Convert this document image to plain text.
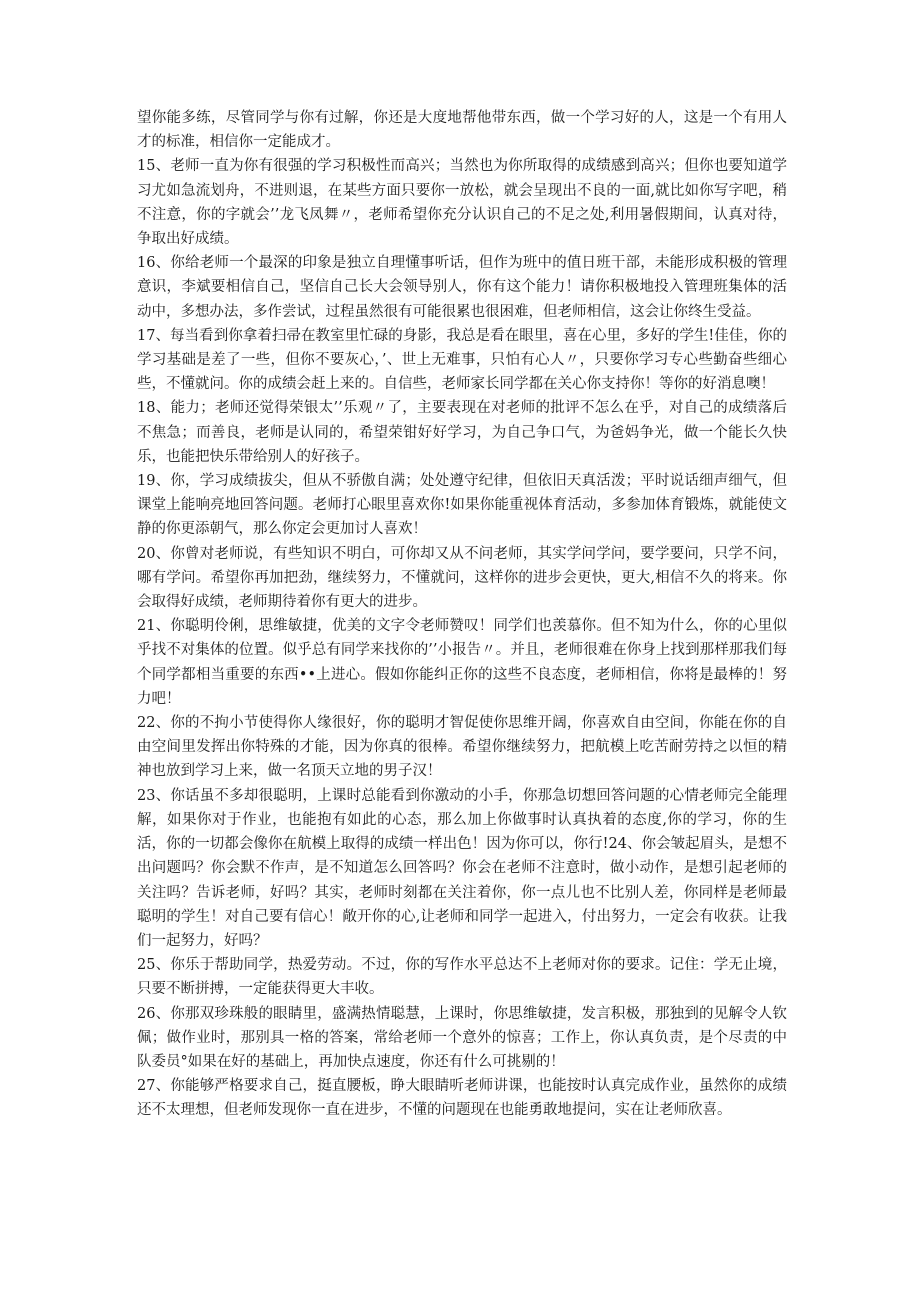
望你能多练，尽管同学与你有过解，你还是大度地帮他带东西，做一个学习好的人，这是一个有用人才的标准，相信你一定能成才。

15、老师一直为你有很强的学习积极性而高兴；当然也为你所取得的成绩感到高兴；但你也要知道学习尤如急流划舟，不进则退，在某些方面只要你一放松，就会呈现出不良的一面,就比如你写字吧，稍不注意，你的字就会’’龙飞凤舞〃，老师希望你充分认识自己的不足之处,利用暑假期间，认真对待，争取出好成绩。

16、你给老师一个最深的印象是独立自理懂事听话，但作为班中的值日班干部，未能形成积极的管理意识，李斌要相信自己，坚信自己长大会领导别人，你有这个能力！请你积极地投入管理班集体的活动中，多想办法，多作尝试，过程虽然很有可能很累也很困难，但老师相信，这会让你终生受益。

17、每当看到你拿着扫帚在教室里忙碌的身影，我总是看在眼里，喜在心里，多好的学生!佳佳，你的学习基础是差了一些，但你不要灰心，’、世上无难事，只怕有心人〃，只要你学习专心些勤奋些细心些，不懂就问。你的成绩会赶上来的。自信些，老师家长同学都在关心你支持你！等你的好消息噢！

18、能力；老师还觉得荣银太’’乐观〃了，主要表现在对老师的批评不怎么在乎，对自己的成绩落后不焦急；而善良，老师是认同的，希望荣钳好好学习，为自己争口气，为爸妈争光，做一个能长久快乐，也能把快乐带给别人的好孩子。

19、你，学习成绩拔尖，但从不骄傲自满；处处遵守纪律，但依旧天真活泼；平时说话细声细气，但课堂上能响亮地回答问题。老师打心眼里喜欢你!如果你能重视体育活动，多参加体育锻炼，就能使文静的你更添朝气，那么你定会更加讨人喜欢！

20、你曾对老师说，有些知识不明白，可你却又从不问老师，其实学问学问，要学要问，只学不问，哪有学问。希望你再加把劲，继续努力，不懂就问，这样你的进步会更快，更大,相信不久的将来。你会取得好成绩，老师期待着你有更大的进步。

21、你聪明伶俐，思维敏捷，优美的文字令老师赞叹！同学们也羡慕你。但不知为什么，你的心里似乎找不对集体的位置。似乎总有同学来找你的’’小报告〃。并且，老师很难在你身上找到那样那我们每个同学都相当重要的东西••上进心。假如你能纠正你的这些不良态度，老师相信，你将是最棒的！努力吧！

22、你的不拘小节使得你人缘很好，你的聪明才智促使你思维开阔，你喜欢自由空间，你能在你的自由空间里发挥出你特殊的才能，因为你真的很棒。希望你继续努力，把航模上吃苦耐劳持之以恒的精神也放到学习上来，做一名顶天立地的男子汉！

23、你话虽不多却很聪明，上课时总能看到你激动的小手，你那急切想回答问题的心情老师完全能理解，如果你对于作业，也能抱有如此的心态，那么加上你做事时认真执着的态度,你的学习，你的生活，你的一切都会像你在航模上取得的成绩一样出色！因为你可以，你行!24、你会皱起眉头，是想不出问题吗？你会默不作声，是不知道怎么回答吗？你会在老师不注意时，做小动作，是想引起老师的关注吗？告诉老师，好吗？其实，老师时刻都在关注着你，你一点儿也不比别人差，你同样是老师最聪明的学生！对自己要有信心！敞开你的心,让老师和同学一起进入，付出努力，一定会有收获。让我们一起努力，好吗？

25、你乐于帮助同学，热爱劳动。不过，你的写作水平总达不上老师对你的要求。记住：学无止境，只要不断拼搏，一定能获得更大丰收。

26、你那双珍珠般的眼睛里，盛满热情聪慧，上课时，你思维敏捷，发言积极，那独到的见解令人钦佩；做作业时，那别具一格的答案，常给老师一个意外的惊喜；工作上，你认真负责，是个尽责的中队委员°如果在好的基础上，再加快点速度，你还有什么可挑剔的！

27、你能够严格要求自己，挺直腰板，睁大眼睛听老师讲课，也能按时认真完成作业，虽然你的成绩还不太理想，但老师发现你一直在进步，不懂的问题现在也能勇敢地提问，实在让老师欣喜。
